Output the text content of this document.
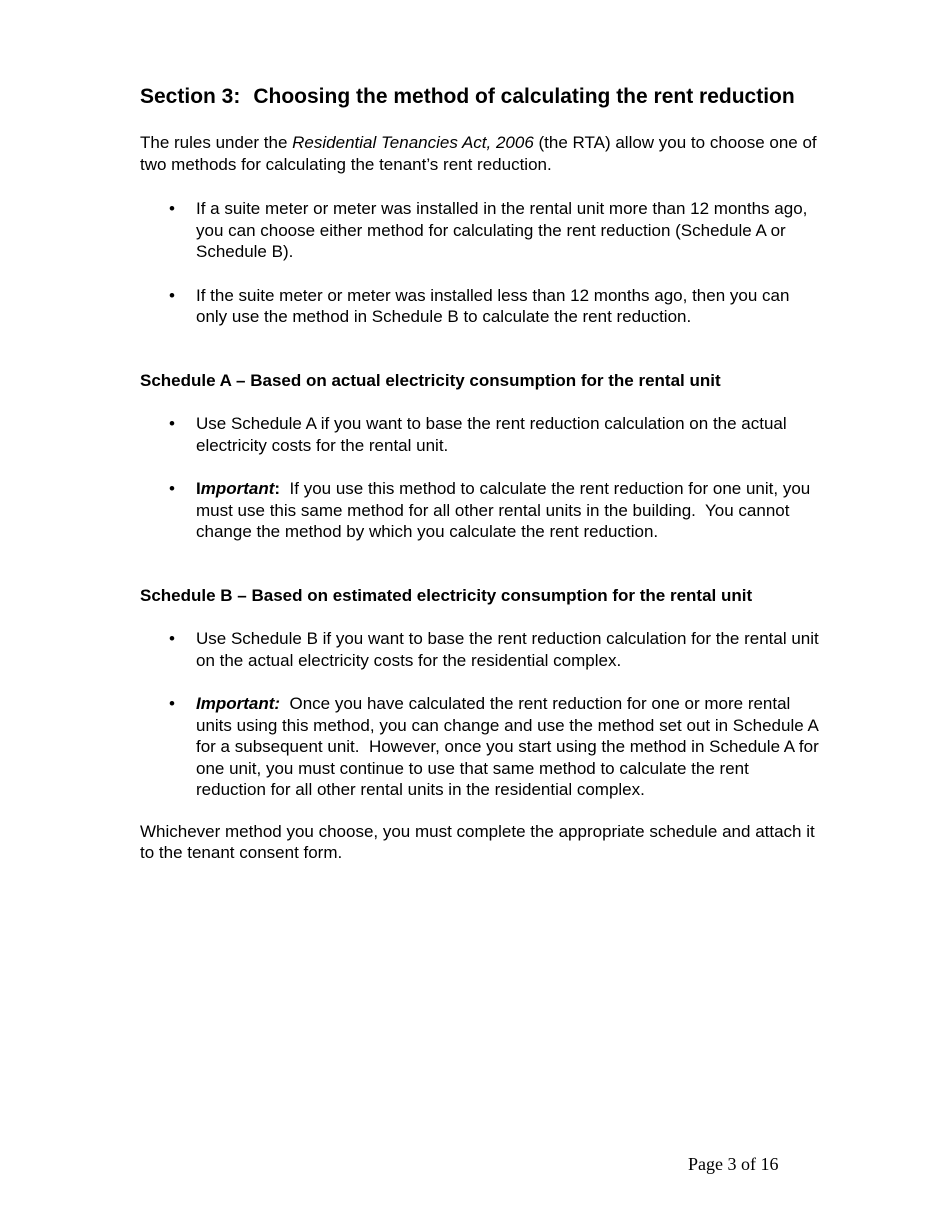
Section 3: Choosing the method of calculating the rent reduction

The rules under the Residential Tenancies Act, 2006 (the RTA) allow you to choose one of two methods for calculating the tenant’s rent reduction.

• If a suite meter or meter was installed in the rental unit more than 12 months ago, you can choose either method for calculating the rent reduction (Schedule A or Schedule B).
• If the suite meter or meter was installed less than 12 months ago, then you can only use the method in Schedule B to calculate the rent reduction.
Schedule A – Based on actual electricity consumption for the rental unit
• Use Schedule A if you want to base the rent reduction calculation on the actual electricity costs for the rental unit.
• Important:  If you use this method to calculate the rent reduction for one unit, you must use this same method for all other rental units in the building.  You cannot change the method by which you calculate the rent reduction.
Schedule B – Based on estimated electricity consumption for the rental unit
• Use Schedule B if you want to base the rent reduction calculation for the rental unit on the actual electricity costs for the residential complex.
• Important:  Once you have calculated the rent reduction for one or more rental units using this method, you can change and use the method set out in Schedule A for a subsequent unit.  However, once you start using the method in Schedule A for one unit, you must continue to use that same method to calculate the rent reduction for all other rental units in the residential complex.

Whichever method you choose, you must complete the appropriate schedule and attach it to the tenant consent form.

Page 3 of 16
